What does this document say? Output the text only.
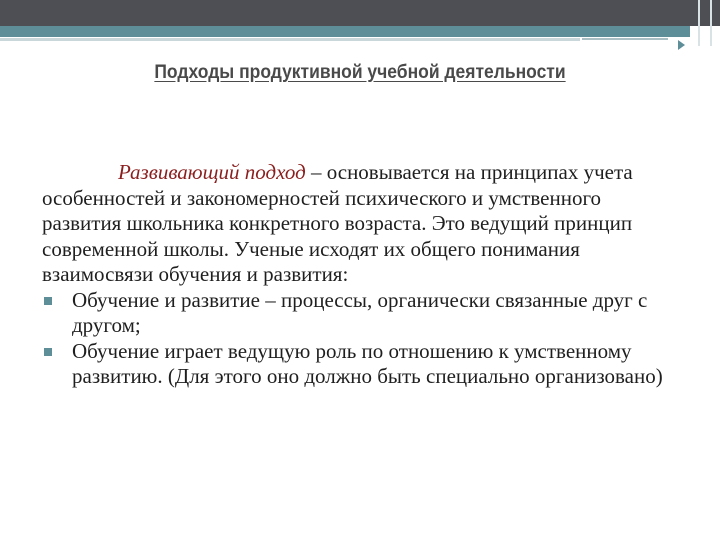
Подходы продуктивной учебной деятельности

Развивающий подход – основывается на принципах учета особенностей и закономерностей психического и умственного развития школьника конкретного возраста. Это ведущий принцип современной школы. Ученые исходят их общего понимания взаимосвязи обучения и развития:

Обучение и развитие – процессы, органически связанные друг с другом;
Обучение играет ведущую роль по отношению к умственному развитию. (Для этого оно должно быть специально организовано)
